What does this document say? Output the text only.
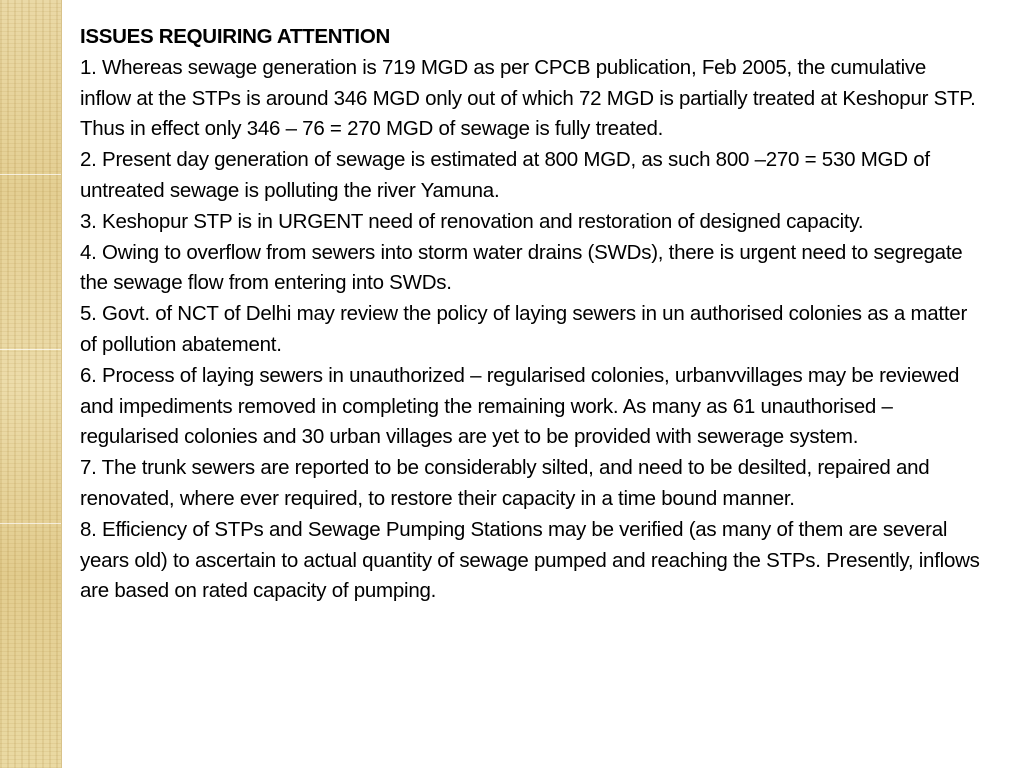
ISSUES REQUIRING ATTENTION

1. Whereas sewage generation is 719 MGD as per CPCB publication, Feb 2005, the cumulative inflow at the STPs is around 346 MGD only out of which 72 MGD is partially treated at Keshopur STP. Thus in effect only 346 – 76 = 270 MGD of sewage is fully treated.

2. Present day generation of sewage is estimated at 800 MGD, as such 800 –270 = 530 MGD of untreated sewage is polluting the river Yamuna.

3. Keshopur STP is in URGENT need of renovation and restoration of designed capacity.

4. Owing to overflow from sewers into storm water drains (SWDs), there is urgent need to segregate the sewage flow from entering into SWDs.

5. Govt. of NCT of Delhi may review the policy of laying sewers in un authorised colonies as a matter of pollution abatement.

6. Process of laying sewers in unauthorized – regularised colonies, urbanvvillages may be reviewed and impediments removed in completing the remaining work. As many as 61 unauthorised – regularised colonies and 30 urban villages are yet to be provided with sewerage system.

7. The trunk sewers are reported to be considerably silted, and need to be desilted, repaired and renovated, where ever required, to restore their capacity in a time bound manner.

8. Efficiency of STPs and Sewage Pumping Stations may be verified (as many of them are several years old) to ascertain to actual quantity of sewage pumped and reaching the STPs. Presently, inflows are based on rated capacity of pumping.
